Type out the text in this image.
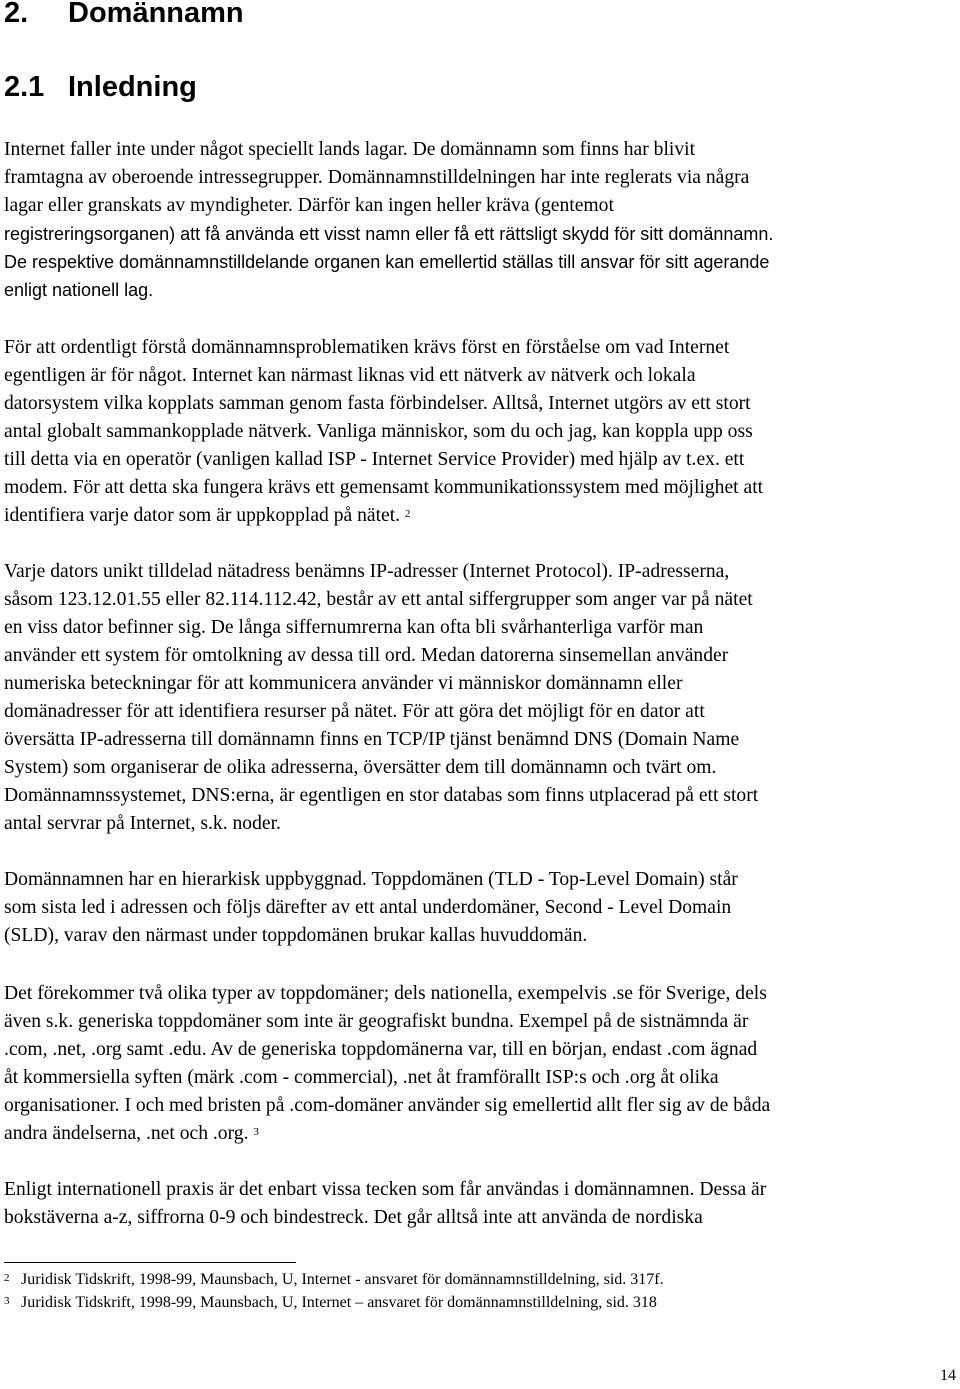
2. Domännamn
2.1 Inledning
Internet faller inte under något speciellt lands lagar. De domännamn som finns har blivit
framtagna av oberoende intressegrupper. Domännamnstilldelningen har inte reglerats via några
lagar eller granskats av myndigheter. Därför kan ingen heller kräva (gentemot
registreringsorganen) att få använda ett visst namn eller få ett rättsligt skydd för sitt domännamn.
De respektive domännamnstilldelande organen kan emellertid ställas till ansvar för sitt agerande
enligt nationell lag.
För att ordentligt förstå domännamnsproblematiken krävs först en förståelse om vad Internet
egentligen är för något. Internet kan närmast liknas vid ett nätverk av nätverk och lokala
datorsystem vilka kopplats samman genom fasta förbindelser. Alltså, Internet utgörs av ett stort
antal globalt sammankopplade nätverk. Vanliga människor, som du och jag, kan koppla upp oss
till detta via en operatör (vanligen kallad ISP - Internet Service Provider) med hjälp av t.ex. ett
modem. För att detta ska fungera krävs ett gemensamt kommunikationssystem med möjlighet att
identifiera varje dator som är uppkopplad på nätet. $^2$
Varje dators unikt tilldelad nätadress benämns IP-adresser (Internet Protocol). IP-adresserna,
såsom 123.12.01.55 eller 82.114.112.42, består av ett antal siffergrupper som anger var på nätet
en viss dator befinner sig. De långa siffernumrerna kan ofta bli svårhanterliga varför man
använder ett system för omtolkning av dessa till ord. Medan datorerna sinsemellan använder
numeriska beteckningar för att kommunicera använder vi människor domännamn eller
domänadresser för att identifiera resurser på nätet. För att göra det möjligt för en dator att
översätta IP-adresserna till domännamn finns en TCP/IP tjänst benämnd DNS (Domain Name
System) som organiserar de olika adresserna, översätter dem till domännamn och tvärt om.
Domännamnssystemet, DNS:erna, är egentligen en stor databas som finns utplacerad på ett stort
antal servrar på Internet, s.k. noder.
Domännamnen har en hierarkisk uppbyggnad. Toppdomänen (TLD - Top-Level Domain) står
som sista led i adressen och följs därefter av ett antal underdomäner, Second - Level Domain
(SLD), varav den närmast under toppdomänen brukar kallas huvuddomän.
Det förekommer två olika typer av toppdomäner; dels nationella, exempelvis .se för Sverige, dels
även s.k. generiska toppdomäner som inte är geografiskt bundna. Exempel på de sistnämnda är
.com, .net, .org samt .edu. Av de generiska toppdomänerna var, till en början, endast .com ägnad
åt kommersiella syften (märk .com - commercial), .net åt framförallt ISP:s och .org åt olika
organisationer. I och med bristen på .com-domäner använder sig emellertid allt fler sig av de båda
andra ändelserna, .net och .org. $^3$
Enligt internationell praxis är det enbart vissa tecken som får användas i domännamnen. Dessa är
bokstäverna a-z, siffrorna 0-9 och bindestreck. Det går alltså inte att använda de nordiska
2 Juridisk Tidskrift, 1998-99, Maunsbach, U, Internet - ansvaret för domännamnstilldelning, sid. 317f.
3 Juridisk Tidskrift, 1998-99, Maunsbach, U, Internet – ansvaret för domännamnstilldelning, sid. 318
14
